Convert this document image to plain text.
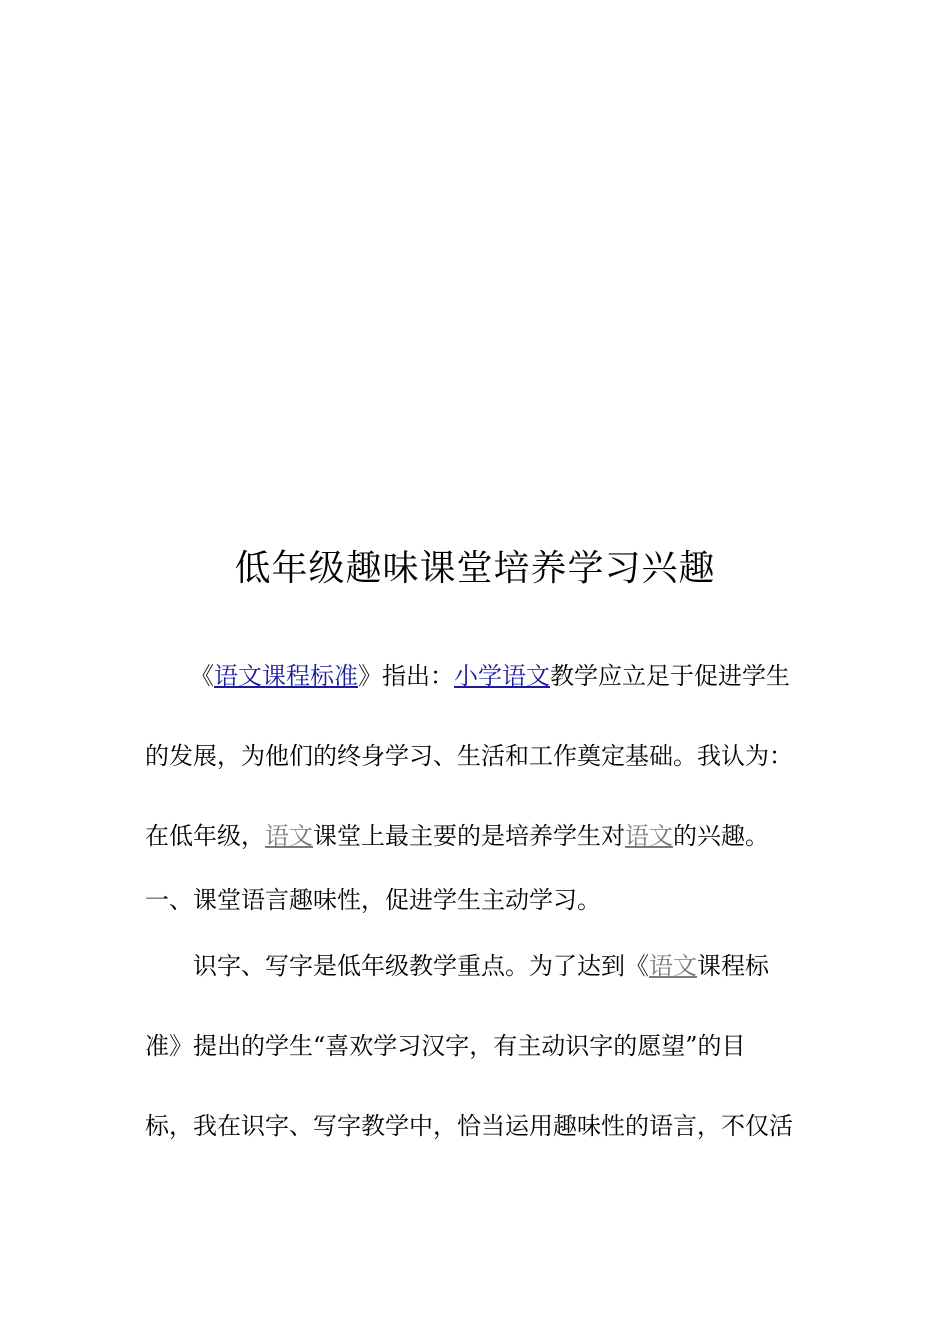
低年级趣味课堂培养学习兴趣
《语文课程标准》指出：小学语文教学应立足于促进学生
的发展，为他们的终身学习、生活和工作奠定基础。我认为：
在低年级，语文课堂上最主要的是培养学生对语文的兴趣。
一、课堂语言趣味性，促进学生主动学习。
识字、写字是低年级教学重点。为了达到《语文课程标
准》提出的学生“喜欢学习汉字，有主动识字的愿望”的目
标，我在识字、写字教学中，恰当运用趣味性的语言，不仅活
